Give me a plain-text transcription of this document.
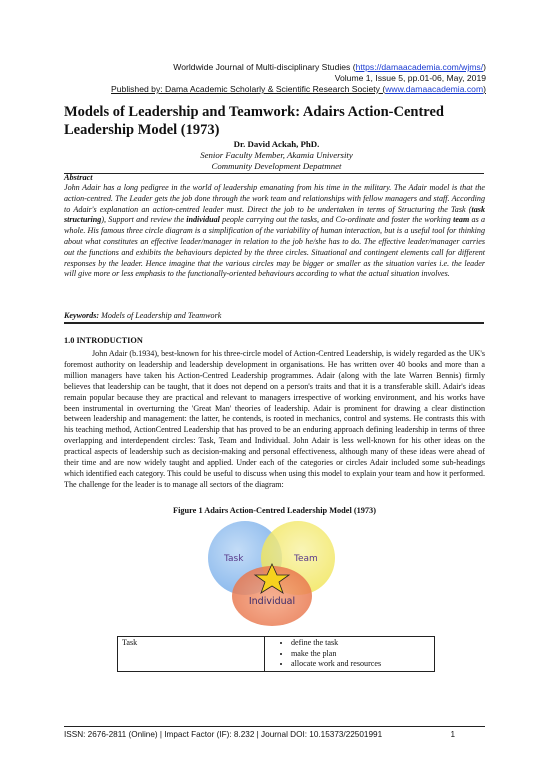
Worldwide Journal of Multi-disciplinary Studies (https://damaacademia.com/wjms/)
Volume 1, Issue 5, pp.01-06, May, 2019
Published by: Dama Academic Scholarly & Scientific Research Society (www.damaacademia.com)
Models of Leadership and Teamwork: Adairs Action-Centred Leadership Model (1973)
Dr. David Ackah, PhD.
Senior Faculty Member, Akamia University
Community Development Depatmnet
Abstract
John Adair has a long pedigree in the world of leadership emanating from his time in the military. The Adair model is that the action-centred. The Leader gets the job done through the work team and relationships with fellow managers and staff. According to Adair's explanation an action-centred leader must. Direct the job to be undertaken in terms of Structuring the Task (task structuring), Support and review the individual people carrying out the tasks, and Co-ordinate and foster the working team as a whole. His famous three circle diagram is a simplification of the variability of human interaction, but is a useful tool for thinking about what constitutes an effective leader/manager in relation to the job he/she has to do. The effective leader/manager carries out the functions and exhibits the behaviours depicted by the three circles. Situational and contingent elements call for different responses by the leader. Hence imagine that the various circles may be bigger or smaller as the situation varies i.e. the leader will give more or less emphasis to the functionally-oriented behaviours according to what the actual situation involves.
Keywords: Models of Leadership and Teamwork
1.0 INTRODUCTION
John Adair (b.1934), best-known for his three-circle model of Action-Centred Leadership, is widely regarded as the UK's foremost authority on leadership and leadership development in organisations. He has written over 40 books and more than a million managers have taken his Action-Centred Leadership programmes. Adair (along with the late Warren Bennis) firmly believes that leadership can be taught, that it does not depend on a person's traits and that it is a transferable skill. Adair's ideas remain popular because they are practical and relevant to managers irrespective of working environment, and his works have been instrumental in overturning the 'Great Man' theories of leadership. Adair is prominent for drawing a clear distinction between leadership and management: the latter, he contends, is rooted in mechanics, control and systems. He contrasts this with his teaching method, ActionCentred Leadership that has proved to be an enduring approach defining leadership in terms of three overlapping and interdependent circles: Task, Team and Individual. John Adair is less well-known for his other ideas on the practical aspects of leadership such as decision-making and personal effectiveness, although many of these ideas were ahead of their time and are now widely taught and applied. Under each of the categories or circles Adair included some sub-headings which identified each category. This could be useful to discuss when using this model to explain your team and how it performed. The challenge for the leader is to manage all sectors of the diagram:
Figure 1 Adairs Action-Centred Leadership Model (1973)
Task	Team
Individual
Task	
•define the task
• make the plan
• allocate work and resources
ISSN: 2676-2811 (Online) | Impact Factor (IF): 8.232 | Journal DOI: 10.15373/22501991	1
